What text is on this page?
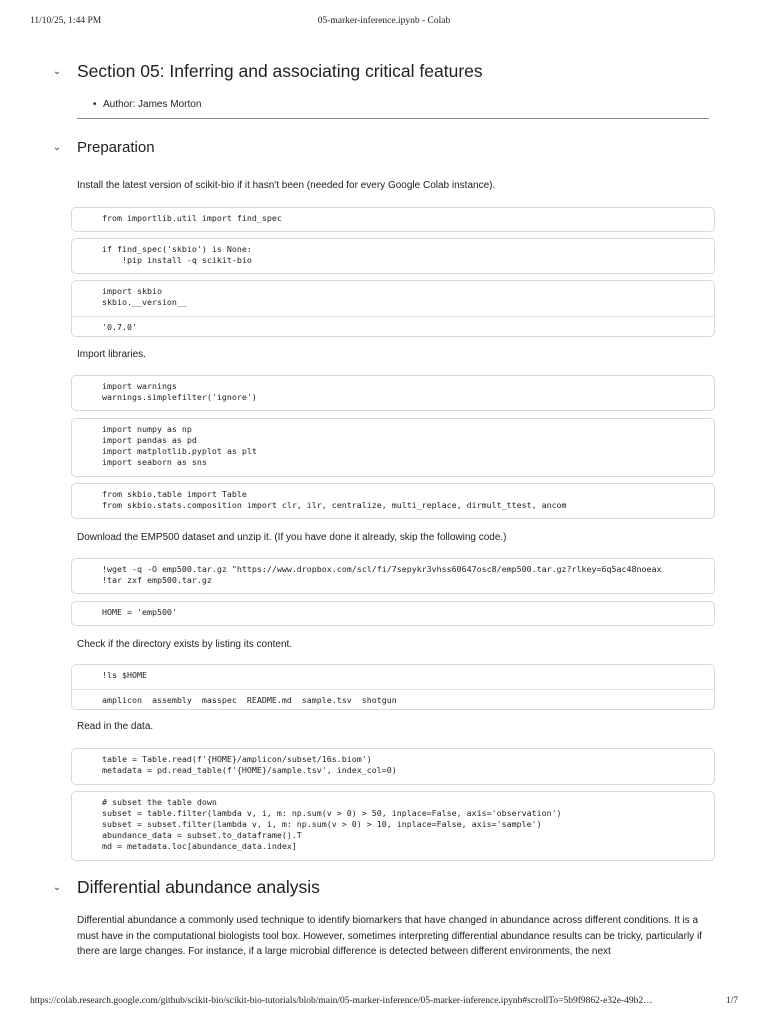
11/10/25, 1:44 PM	05-marker-inference.ipynb - Colab
⌄ Section 05: Inferring and associating critical features
• Author: James Morton
⌄ Preparation
Install the latest version of scikit-bio if it hasn't been (needed for every Google Colab instance).
from importlib.util import find_spec
if find_spec('skbio') is None:
!pip install -q scikit-bio
import skbio
skbio.__version__
'0.7.0'
Import libraries.
import warnings
warnings.simplefilter('ignore')
import numpy as np
import pandas as pd
import matplotlib.pyplot as plt
import seaborn as sns
from skbio.table import Table
from skbio.stats.composition import clr, ilr, centralize, multi_replace, dirmult_ttest, ancom
Download the EMP500 dataset and unzip it. (If you have done it already, skip the following code.)
!wget -q -O emp500.tar.gz "https://www.dropbox.com/scl/fi/7sepykr3vhss60647osc8/emp500.tar.gz?rlkey=6q5ac48noeax
!tar zxf emp500.tar.gz
HOME = 'emp500'
Check if the directory exists by listing its content.
!ls $HOME
amplicon  assembly  masspec  README.md  sample.tsv  shotgun
Read in the data.
table = Table.read(f'{HOME}/amplicon/subset/16s.biom')
metadata = pd.read_table(f'{HOME}/sample.tsv', index_col=0)
# subset the table down
subset = table.filter(lambda v, i, m: np.sum(v > 0) > 50, inplace=False, axis='observation')
subset = subset.filter(lambda v, i, m: np.sum(v > 0) > 10, inplace=False, axis='sample')
abundance_data = subset.to_dataframe().T
md = metadata.loc[abundance_data.index]
⌄ Differential abundance analysis
Differential abundance a commonly used technique to identify biomarkers that have changed in abundance across different conditions. It is a must have in the computational biologists tool box. However, sometimes interpreting differential abundance results can be tricky, particularly if there are large changes. For instance, if a large microbial difference is detected between different environments, the next
https://colab.research.google.com/github/scikit-bio/scikit-bio-tutorials/blob/main/05-marker-inference/05-marker-inference.ipynb#scrollTo=5b9f9862-e32e-49b2…	1/7
